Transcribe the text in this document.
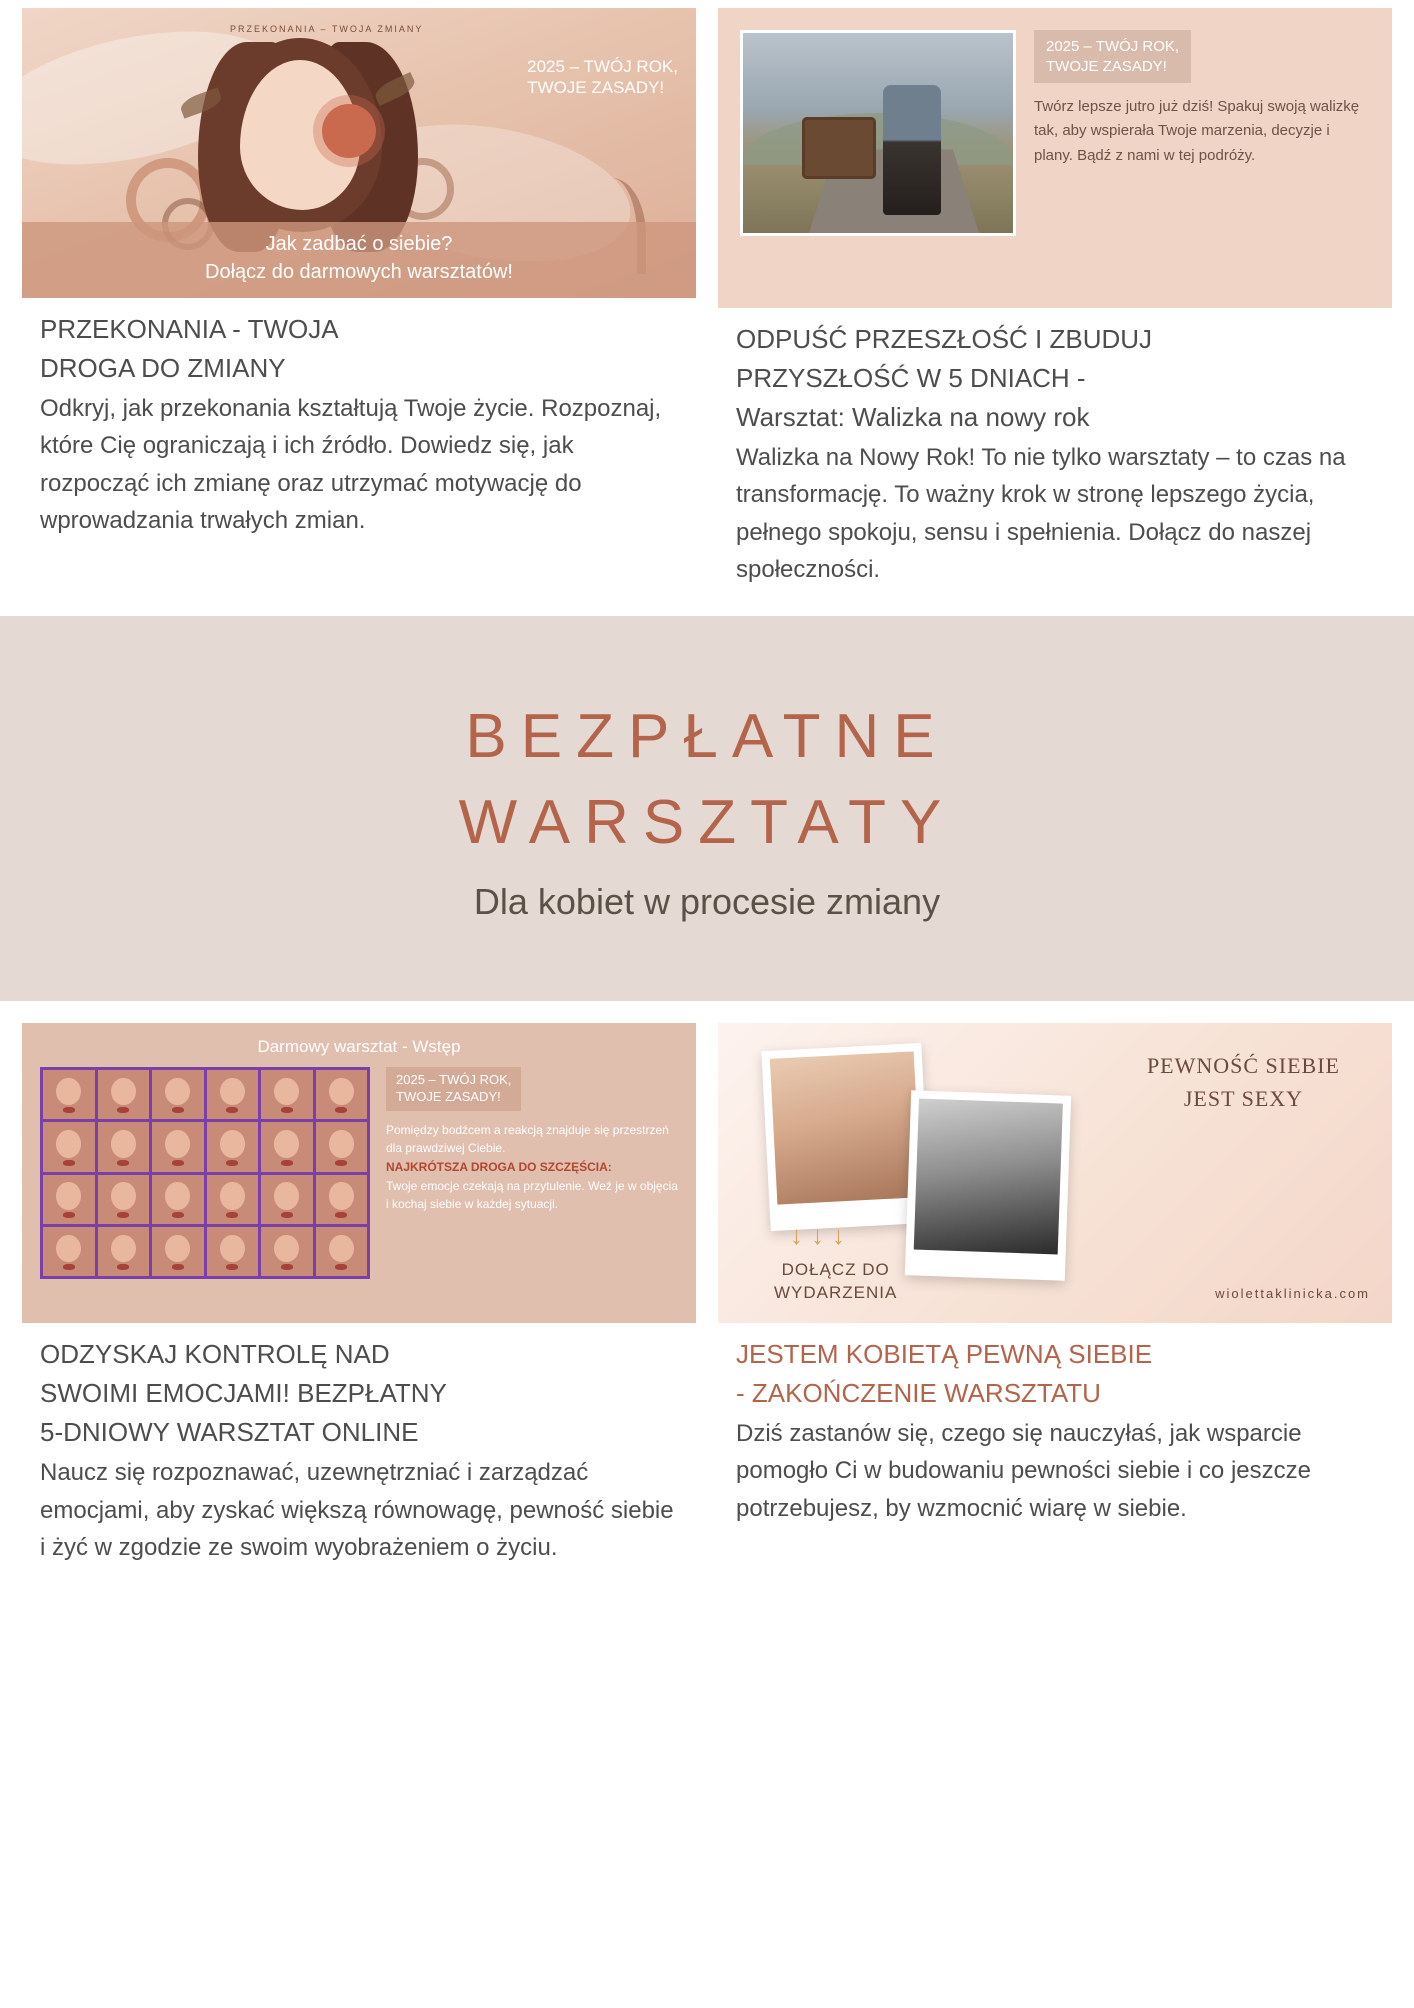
PRZEKONANIA – TWOJA ZMIANY
2025 – TWÓJ ROK,
TWOJE ZASADY!
Jak zadbać o siebie?
Dołącz do darmowych warsztatów!
PRZEKONANIA - TWOJA
DROGA DO ZMIANY

Odkryj, jak przekonania kształtują Twoje życie. Rozpoznaj, które Cię ograniczają i ich źródło. Dowiedz się, jak rozpocząć ich zmianę oraz utrzymać motywację do wprowadzania trwałych zmian.

2025 – TWÓJ ROK,
TWOJE ZASADY!
Twórz lepsze jutro już dziś! Spakuj swoją walizkę tak, aby wspierała Twoje marzenia, decyzje i plany. Bądź z nami w tej podróży.
ODPUŚĆ PRZESZŁOŚĆ I ZBUDUJ
PRZYSZŁOŚĆ W 5 DNIACH -
Warsztat: Walizka na nowy rok

Walizka na Nowy Rok! To nie tylko warsztaty – to czas na transformację. To ważny krok w stronę lepszego życia, pełnego spokoju, sensu i spełnienia. Dołącz do naszej społeczności.

BEZPŁATNE
WARSZTATY
Dla kobiet w procesie zmiany
Darmowy warsztat - Wstęp
2025 – TWÓJ ROK,
TWOJE ZASADY!
Pomiędzy bodźcem a reakcją znajduje się przestrzeń dla prawdziwej Ciebie.
NAJKRÓTSZA DROGA DO SZCZĘŚCIA:
Twoje emocje czekają na przytulenie. Weź je w objęcia i kochaj siebie w każdej sytuacji.
ODZYSKAJ KONTROLĘ NAD
SWOIMI EMOCJAMI! BEZPŁATNY
5-DNIOWY WARSZTAT ONLINE

Naucz się rozpoznawać, uzewnętrzniać i zarządzać emocjami, aby zyskać większą równowagę, pewność siebie i żyć w zgodzie ze swoim wyobrażeniem o życiu.

PEWNOŚĆ SIEBIE
JEST SEXY
↓↓↓
DOŁĄCZ DO
WYDARZENIA	wiolettaklinicka.com
JESTEM KOBIETĄ PEWNĄ SIEBIE
- ZAKOŃCZENIE WARSZTATU

Dziś zastanów się, czego się nauczyłaś, jak wsparcie pomogło Ci w budowaniu pewności siebie i co jeszcze potrzebujesz, by wzmocnić wiarę w siebie.
